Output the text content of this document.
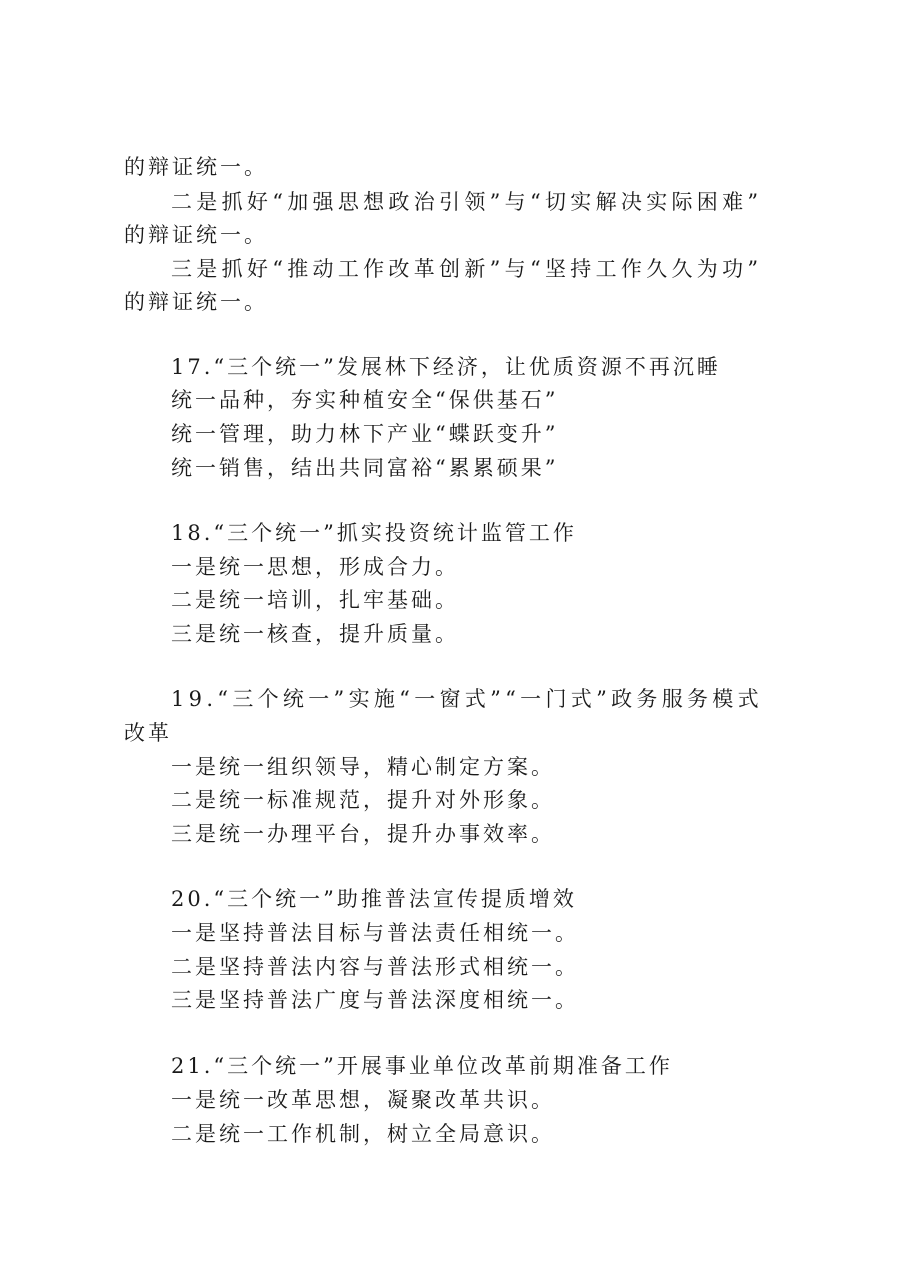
的辩证统一。
二是抓好“加强思想政治引领”与“切实解决实际困难”
的辩证统一。
三是抓好“推动工作改革创新”与“坚持工作久久为功”
的辩证统一。
17.“三个统一”发展林下经济，让优质资源不再沉睡
统一品种，夯实种植安全“保供基石”
统一管理，助力林下产业“蝶跃变升”
统一销售，结出共同富裕“累累硕果”
18.“三个统一”抓实投资统计监管工作
一是统一思想，形成合力。
二是统一培训，扎牢基础。
三是统一核查，提升质量。
19.“三个统一”实施“一窗式”“一门式”政务服务模式
改革
一是统一组织领导，精心制定方案。
二是统一标准规范，提升对外形象。
三是统一办理平台，提升办事效率。
20.“三个统一”助推普法宣传提质增效
一是坚持普法目标与普法责任相统一。
二是坚持普法内容与普法形式相统一。
三是坚持普法广度与普法深度相统一。
21.“三个统一”开展事业单位改革前期准备工作
一是统一改革思想，凝聚改革共识。
二是统一工作机制，树立全局意识。
